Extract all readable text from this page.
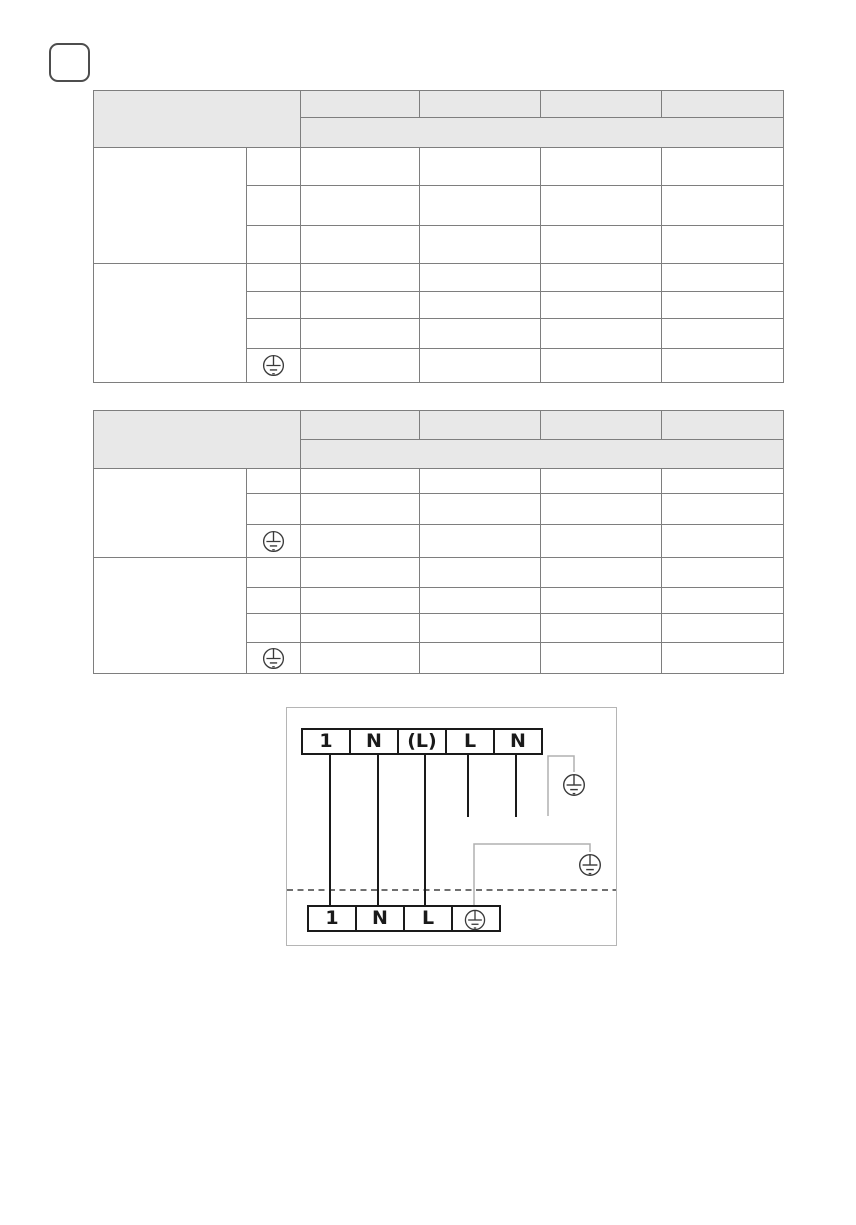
1	N	(L)	L	N
1	N	L
